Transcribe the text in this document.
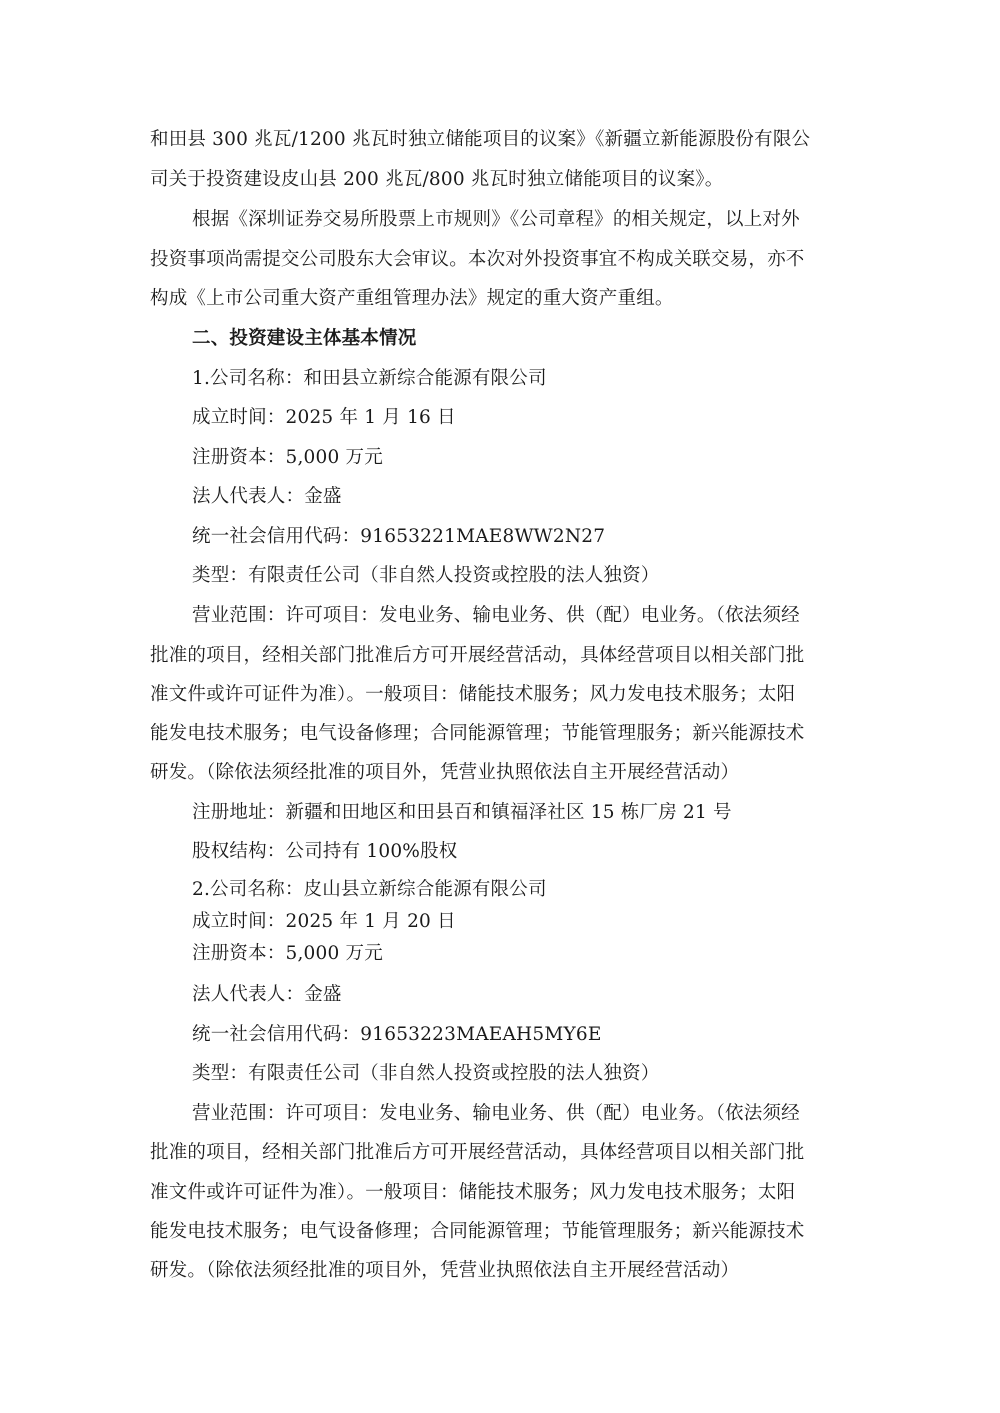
和田县 300 兆瓦/1200 兆瓦时独立储能项目的议案》《新疆立新能源股份有限公
司关于投资建设皮山县 200 兆瓦/800 兆瓦时独立储能项目的议案》。
根据《深圳证券交易所股票上市规则》《公司章程》的相关规定，以上对外
投资事项尚需提交公司股东大会审议。本次对外投资事宜不构成关联交易，亦不
构成《上市公司重大资产重组管理办法》规定的重大资产重组。
二、投资建设主体基本情况
1.公司名称：和田县立新综合能源有限公司
成立时间：2025 年 1 月 16 日
注册资本：5,000 万元
法人代表人：金盛
统一社会信用代码：91653221MAE8WW2N27
类型：有限责任公司（非自然人投资或控股的法人独资）
营业范围：许可项目：发电业务、输电业务、供（配）电业务。（依法须经
批准的项目，经相关部门批准后方可开展经营活动，具体经营项目以相关部门批
准文件或许可证件为准）。一般项目：储能技术服务；风力发电技术服务；太阳
能发电技术服务；电气设备修理；合同能源管理；节能管理服务；新兴能源技术
研发。（除依法须经批准的项目外，凭营业执照依法自主开展经营活动）
注册地址：新疆和田地区和田县百和镇福泽社区 15 栋厂房 21 号
股权结构：公司持有 100%股权
2.公司名称：皮山县立新综合能源有限公司
成立时间：2025 年 1 月 20 日
注册资本：5,000 万元
法人代表人：金盛
统一社会信用代码：91653223MAEAH5MY6E
类型：有限责任公司（非自然人投资或控股的法人独资）
营业范围：许可项目：发电业务、输电业务、供（配）电业务。（依法须经
批准的项目，经相关部门批准后方可开展经营活动，具体经营项目以相关部门批
准文件或许可证件为准）。一般项目：储能技术服务；风力发电技术服务；太阳
能发电技术服务；电气设备修理；合同能源管理；节能管理服务；新兴能源技术
研发。（除依法须经批准的项目外，凭营业执照依法自主开展经营活动）
